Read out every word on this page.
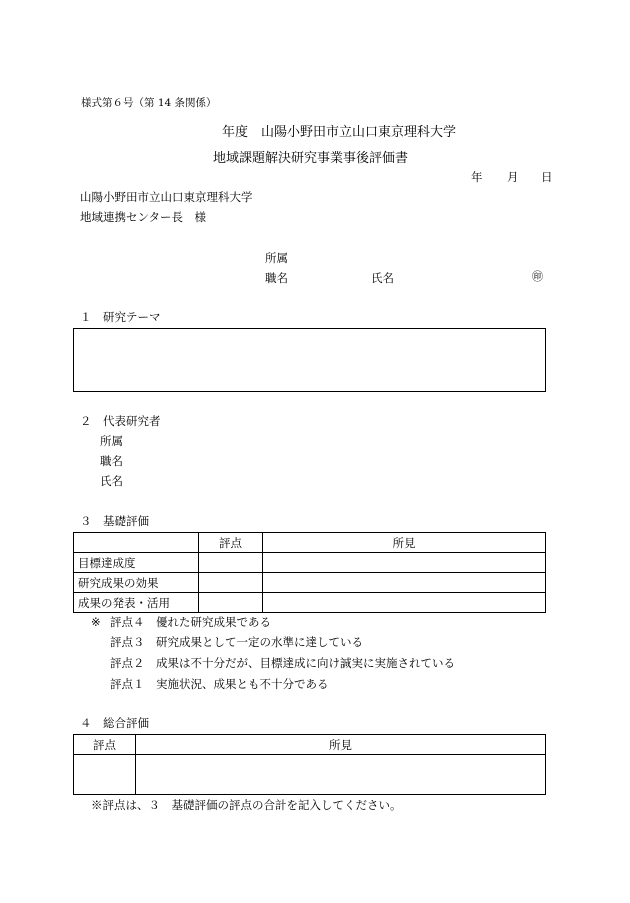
様式第６号（第 14 条関係）
年度　山陽小野田市立山口東京理科大学
地域課題解決研究事業事後評価書
年 月 日
山陽小野田市立山口東京理科大学
地域連携センター長　様
所属
職名	氏名	㊞
１　研究テーマ
２　代表研究者
所属
職名
氏名
３　基礎評価
	評点	所見
目標達成度		
研究成果の効果		
成果の発表・活用		
※ 評点４　優れた研究成果である
評点３　研究成果として一定の水準に達している
評点２　成果は不十分だが、目標達成に向け誠実に実施されている
評点１　実施状況、成果とも不十分である
４　総合評価
評点	所見

※評点は、３　基礎評価の評点の合計を記入してください。
